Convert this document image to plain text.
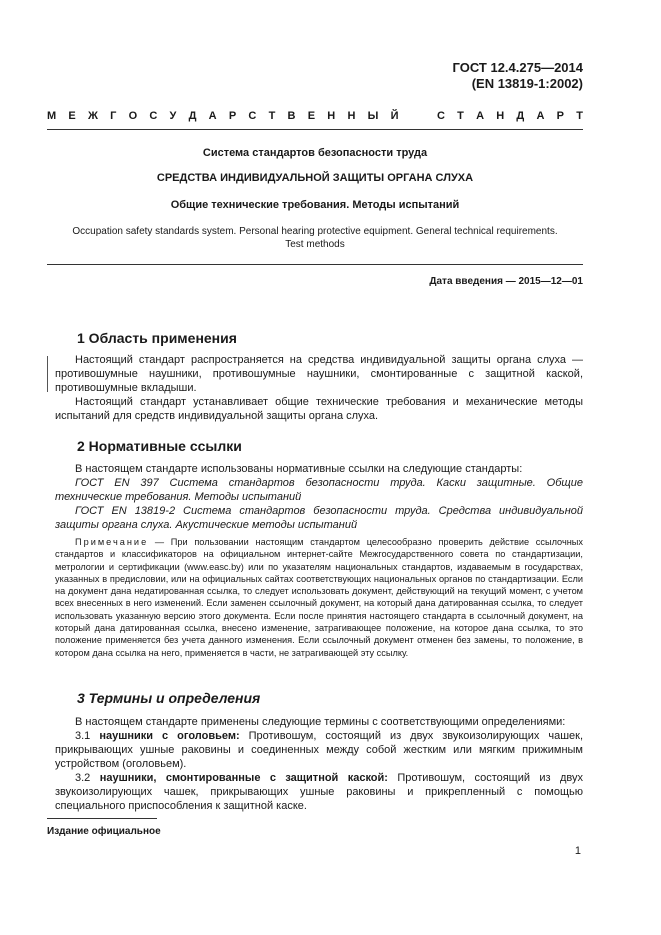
ГОСТ 12.4.275—2014
(EN 13819-1:2002)
М Е Ж Г О С У Д А Р С Т В Е Н Н Ы Й	С Т А Н Д А Р Т
Система стандартов безопасности труда
СРЕДСТВА ИНДИВИДУАЛЬНОЙ ЗАЩИТЫ ОРГАНА СЛУХА
Общие технические требования. Методы испытаний
Occupation safety standards system. Personal hearing protective equipment. General technical requirements. Test methods
Дата введения — 2015—12—01
1 Область применения

Настоящий стандарт распространяется на средства индивидуальной защиты органа слуха — противошумные наушники, противошумные наушники, смонтированные с защитной каской, противошумные вкладыши.

Настоящий стандарт устанавливает общие технические требования и механические методы испытаний для средств индивидуальной защиты органа слуха.

2 Нормативные ссылки

В настоящем стандарте использованы нормативные ссылки на следующие стандарты:

ГОСТ EN 397 Система стандартов безопасности труда. Каски защитные. Общие технические требования. Методы испытаний

ГОСТ EN 13819-2 Система стандартов безопасности труда. Средства индивидуальной защиты органа слуха. Акустические методы испытаний

Примечание — При пользовании настоящим стандартом целесообразно проверить действие ссылочных стандартов и классификаторов на официальном интернет-сайте Межгосударственного совета по стандартизации, метрологии и сертификации (www.easc.by) или по указателям национальных стандартов, издаваемым в государствах, указанных в предисловии, или на официальных сайтах соответствующих национальных органов по стандартизации. Если на документ дана недатированная ссылка, то следует использовать документ, действующий на текущий момент, с учетом всех внесенных в него изменений. Если заменен ссылочный документ, на который дана датированная ссылка, то следует использовать указанную версию этого документа. Если после принятия настоящего стандарта в ссылочный документ, на который дана датированная ссылка, внесено изменение, затрагивающее положение, на которое дана ссылка, то это положение применяется без учета данного изменения. Если ссылочный документ отменен без замены, то положение, в котором дана ссылка на него, применяется в части, не затрагивающей эту ссылку.

3 Термины и определения

В настоящем стандарте применены следующие термины с соответствующими определениями:

3.1 наушники с оголовьем: Противошум, состоящий из двух звукоизолирующих чашек, прикрывающих ушные раковины и соединенных между собой жестким или мягким прижимным устройством (оголовьем).

3.2 наушники, смонтированные с защитной каской: Противошум, состоящий из двух звукоизолирующих чашек, прикрывающих ушные раковины и прикрепленный с помощью специального приспособления к защитной каске.

Издание официальное
1
